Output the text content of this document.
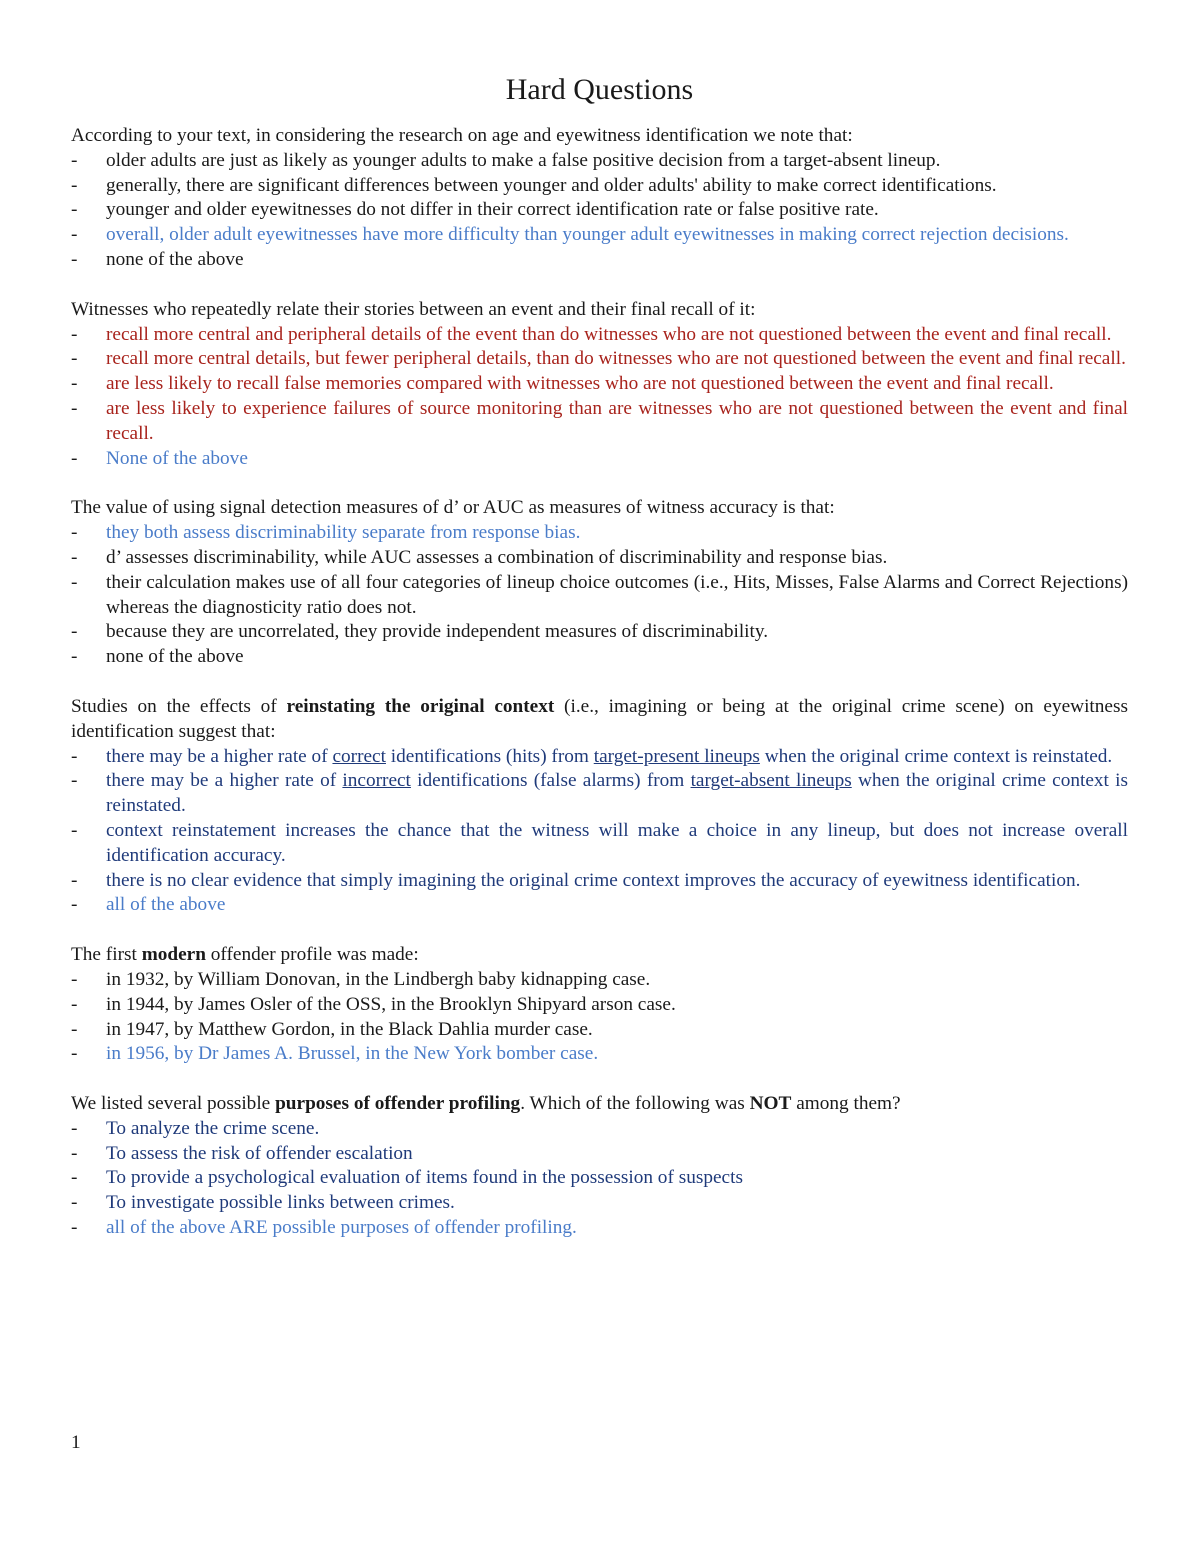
Hard Questions
According to your text, in considering the research on age and eyewitness identification we note that:
- older adults are just as likely as younger adults to make a false positive decision from a target-absent lineup.
- generally, there are significant differences between younger and older adults' ability to make correct identifications.
- younger and older eyewitnesses do not differ in their correct identification rate or false positive rate.
- overall, older adult eyewitnesses have more difficulty than younger adult eyewitnesses in making correct rejection decisions.
- none of the above
Witnesses who repeatedly relate their stories between an event and their final recall of it:
- recall more central and peripheral details of the event than do witnesses who are not questioned between the event and final recall.
- recall more central details, but fewer peripheral details, than do witnesses who are not questioned between the event and final recall.
- are less likely to recall false memories compared with witnesses who are not questioned between the event and final recall.
- are less likely to experience failures of source monitoring than are witnesses who are not questioned between the event and final recall.
- None of the above
The value of using signal detection measures of d’ or AUC as measures of witness accuracy is that:
- they both assess discriminability separate from response bias.
- d’ assesses discriminability, while AUC assesses a combination of discriminability and response bias.
- their calculation makes use of all four categories of lineup choice outcomes (i.e., Hits, Misses, False Alarms and Correct Rejections) whereas the diagnosticity ratio does not.
- because they are uncorrelated, they provide independent measures of discriminability.
- none of the above
Studies on the effects of reinstating the original context (i.e., imagining or being at the original crime scene) on eyewitness identification suggest that:
- there may be a higher rate of correct identifications (hits) from target-present lineups when the original crime context is reinstated.
- there may be a higher rate of incorrect identifications (false alarms) from target-absent lineups when the original crime context is reinstated.
- context reinstatement increases the chance that the witness will make a choice in any lineup, but does not increase overall identification accuracy.
- there is no clear evidence that simply imagining the original crime context improves the accuracy of eyewitness identification.
- all of the above
The first modern offender profile was made:
- in 1932, by William Donovan, in the Lindbergh baby kidnapping case.
- in 1944, by James Osler of the OSS, in the Brooklyn Shipyard arson case.
- in 1947, by Matthew Gordon, in the Black Dahlia murder case.
- in 1956, by Dr James A. Brussel, in the New York bomber case.
We listed several possible purposes of offender profiling. Which of the following was NOT among them?
- To analyze the crime scene.
- To assess the risk of offender escalation
- To provide a psychological evaluation of items found in the possession of suspects
- To investigate possible links between crimes.
- all of the above ARE possible purposes of offender profiling.
1
